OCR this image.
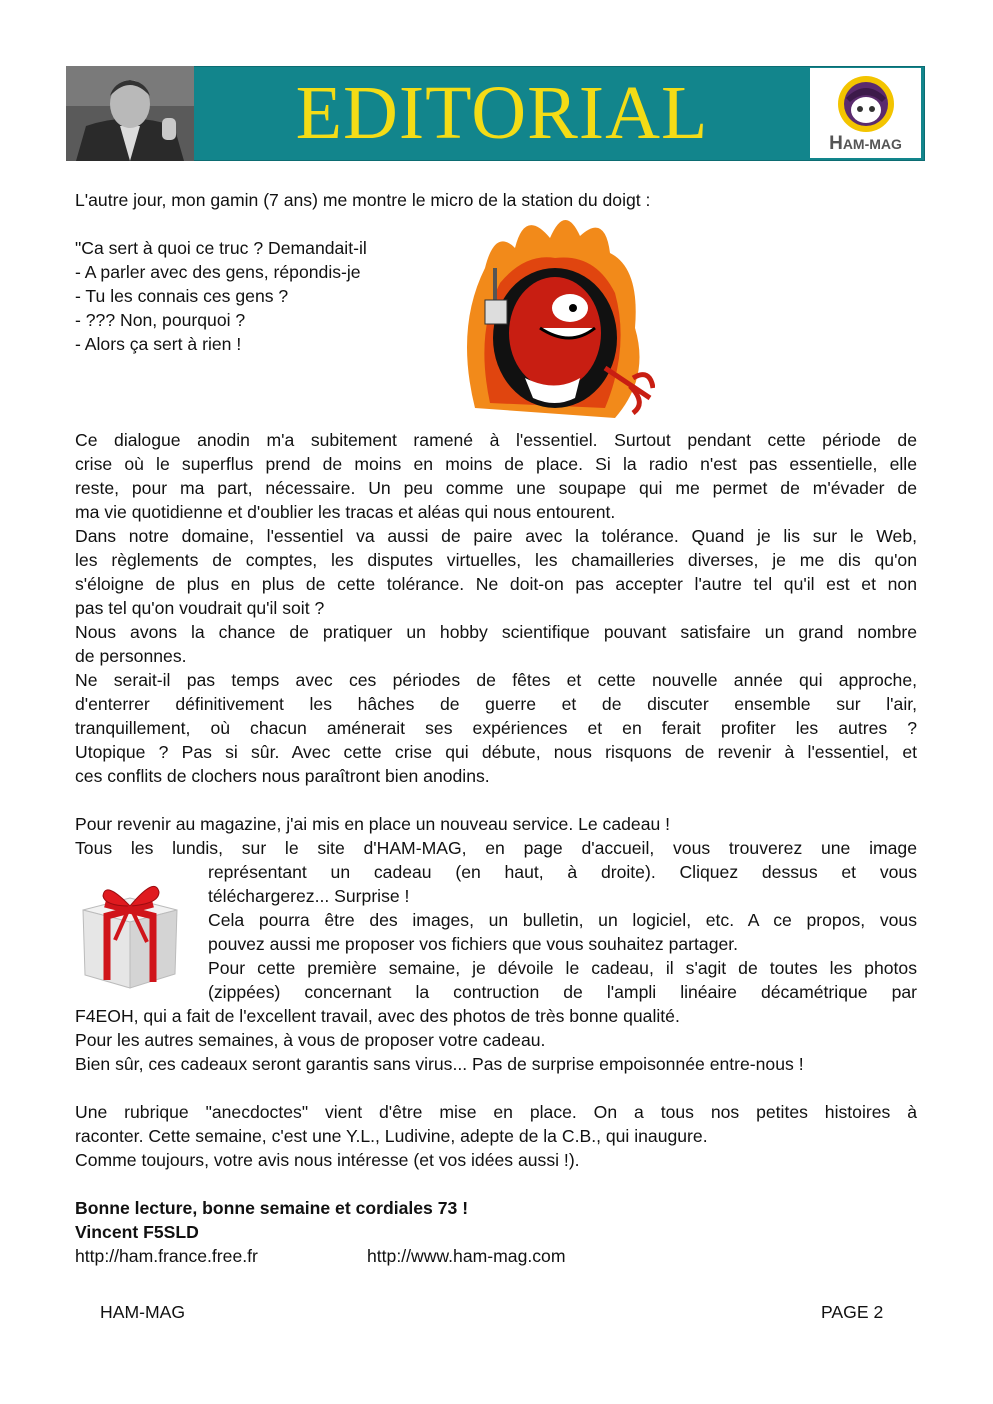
EDITORIAL	HAM-MAG
L'autre jour, mon gamin (7 ans) me montre le micro de la station du doigt :
"Ca sert à quoi ce truc ? Demandait-il
- A parler avec des gens, répondis-je
- Tu les connais ces gens ?
- ??? Non, pourquoi ?
- Alors ça sert à rien !
Ce dialogue anodin m'a subitement ramené à l'essentiel. Surtout pendant cette période de
crise où le superflus prend de moins en moins de place. Si la radio n'est pas essentielle, elle
reste, pour ma part, nécessaire. Un peu comme une soupape qui me permet de m'évader de
ma vie quotidienne et d'oublier les tracas et aléas qui nous entourent.
Dans notre domaine, l'essentiel va aussi de paire avec la tolérance. Quand je lis sur le Web,
les règlements de comptes, les disputes virtuelles, les chamailleries diverses, je me dis qu'on
s'éloigne de plus en plus de cette tolérance. Ne doit-on pas accepter l'autre tel qu'il est et non
pas tel qu'on voudrait qu'il soit ?
Nous avons la chance de pratiquer un hobby scientifique pouvant satisfaire un grand nombre
de personnes.
Ne serait-il pas temps avec ces périodes de fêtes et cette nouvelle année qui approche,
d'enterrer définitivement les hâches de guerre et de discuter ensemble sur l'air,
tranquillement, où chacun aménerait ses expériences et en ferait profiter les autres ?
Utopique ? Pas si sûr. Avec cette crise qui débute, nous risquons de revenir à l'essentiel, et
ces conflits de clochers nous paraîtront bien anodins.
Pour revenir au magazine, j'ai mis en place un nouveau service. Le cadeau !
Tous les lundis, sur le site d'HAM-MAG, en page d'accueil, vous trouverez une image
représentant un cadeau (en haut, à droite). Cliquez dessus et vous
téléchargerez... Surprise !
Cela pourra être des images, un bulletin, un logiciel, etc. A ce propos, vous
pouvez aussi me proposer vos fichiers que vous souhaitez partager.
Pour cette première semaine, je dévoile le cadeau, il s'agit de toutes les photos
(zippées) concernant la contruction de l'ampli linéaire décamétrique par
F4EOH, qui a fait de l'excellent travail, avec des photos de très bonne qualité.
Pour les autres semaines, à vous de proposer votre cadeau.
Bien sûr, ces cadeaux seront garantis sans virus... Pas de surprise empoisonnée entre-nous !
Une rubrique "anecdoctes" vient d'être mise en place. On a tous nos petites histoires à
raconter. Cette semaine, c'est une Y.L., Ludivine, adepte de la C.B., qui inaugure.
Comme toujours, votre avis nous intéresse (et vos idées aussi !).
Bonne lecture, bonne semaine et cordiales 73 !
Vincent F5SLD
http://ham.france.free.fr	http://www.ham-mag.com
HAM-MAG	PAGE 2
